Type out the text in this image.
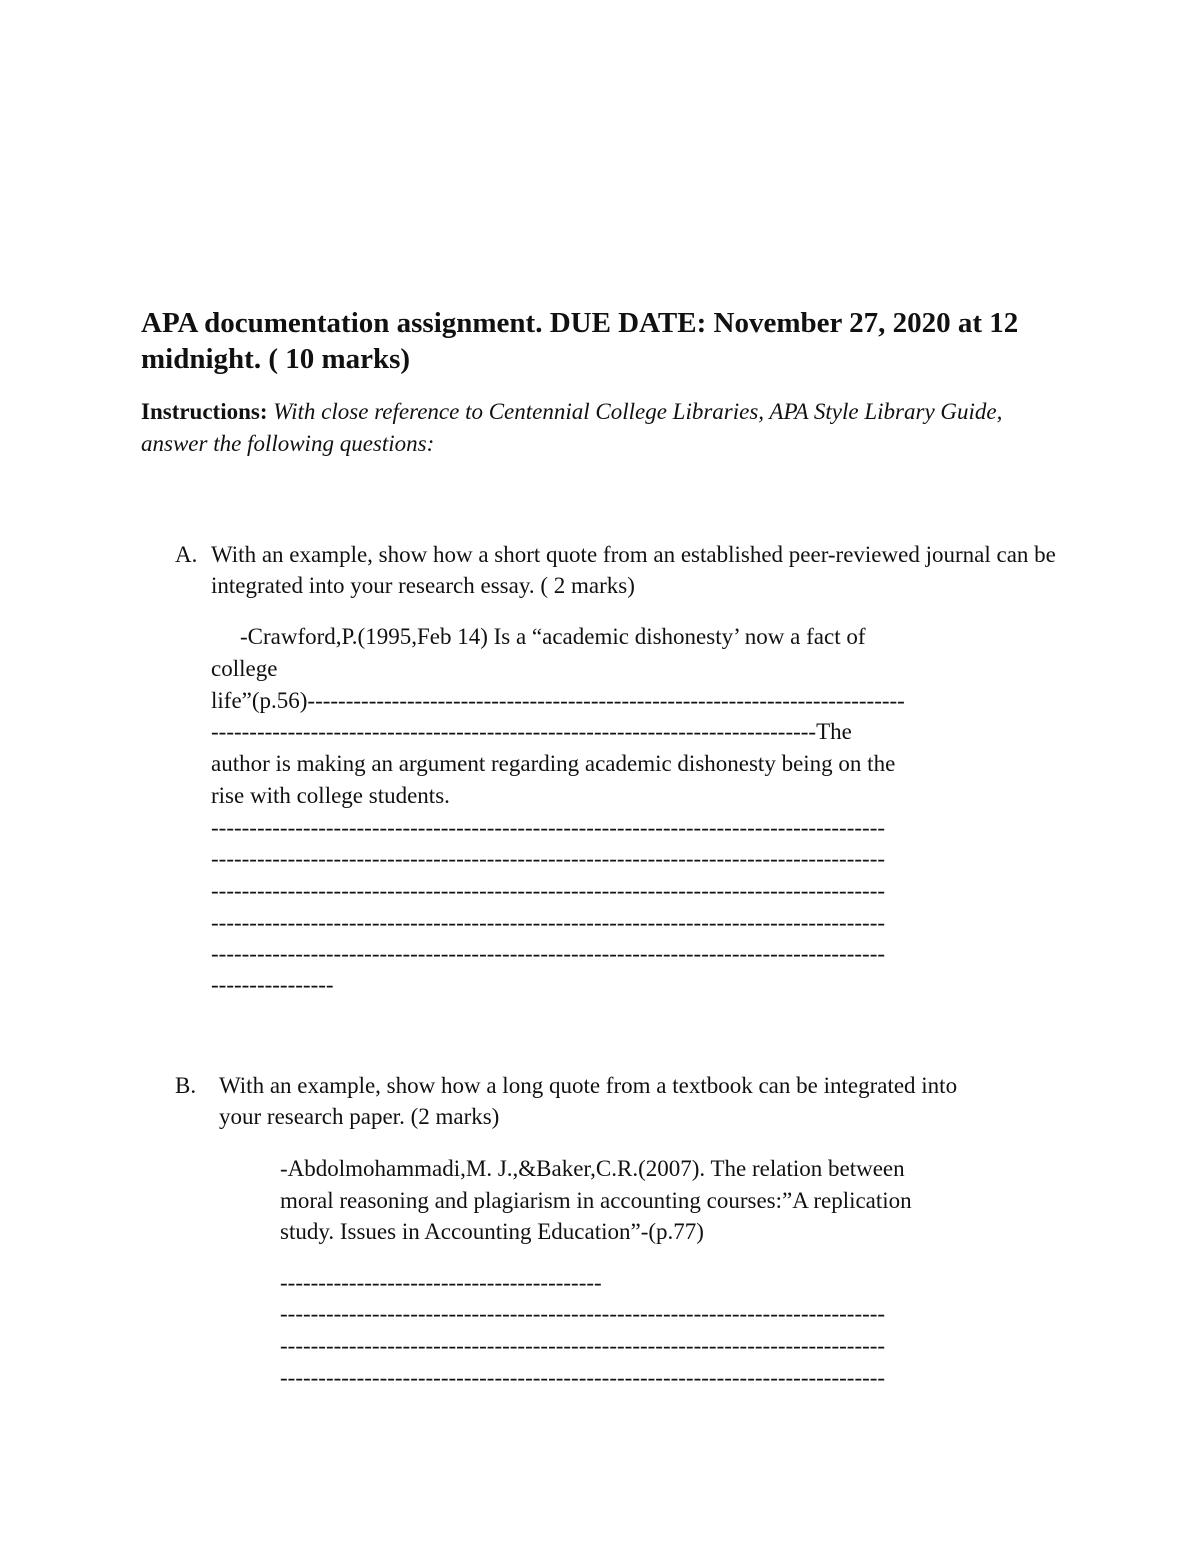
APA documentation assignment. DUE DATE: November 27, 2020 at 12 midnight. ( 10 marks)

Instructions: With close reference to Centennial College Libraries, APA Style Library Guide, answer the following questions:

A. With an example, show how a short quote from an established peer-reviewed journal can be integrated into your research essay. ( 2 marks)

-Crawford,P.(1995,Feb 14) Is a “academic dishonesty’ now a fact of

college

life”(p.56)------------------------------------------------------------------------------

-------------------------------------------------------------------------------The

author is making an argument regarding academic dishonesty being on the

rise with college students.

----------------------------------------------------------------------------------------

----------------------------------------------------------------------------------------

----------------------------------------------------------------------------------------

----------------------------------------------------------------------------------------

----------------------------------------------------------------------------------------

----------------

B. With an example, show how a long quote from a textbook can be integrated into your research paper. (2 marks)

-Abdolmohammadi,M. J.,&Baker,C.R.(2007). The relation between

moral reasoning and plagiarism in accounting courses:”A replication

study. Issues in Accounting Education”-(p.77)

------------------------------------------

-------------------------------------------------------------------------------

-------------------------------------------------------------------------------

-------------------------------------------------------------------------------
